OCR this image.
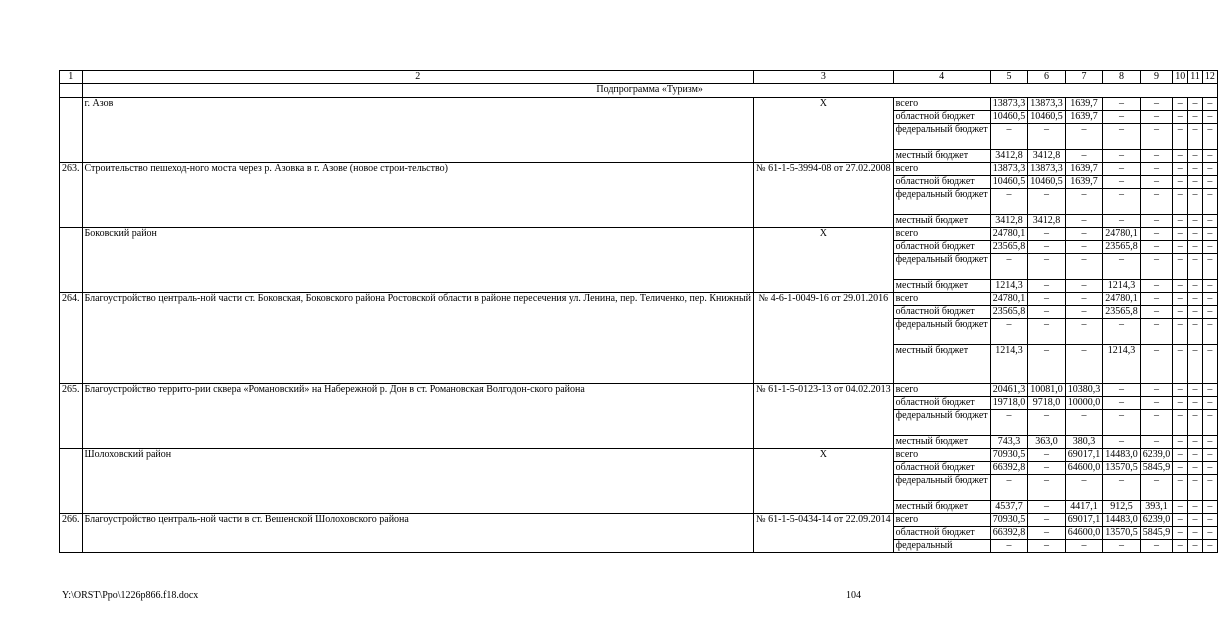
1	2	3	4	5	6	7	8	9	10	11	12
	Подпрограмма «Туризм»										
	г. Азов	Х	всего	13873,3	13873,3	1639,7	–	–	–	–	–
			областной бюджет	10460,5	10460,5	1639,7	–	–	–	–	–
			федеральный бюджет	–	–	–	–	–	–	–	–
			местный бюджет	3412,8	3412,8	–	–	–	–	–	–
263.	Строительство пешеход-ного моста через р. Азовка в г. Азове (новое строи-тельство)	№ 61-1-5-3994-08 от 27.02.2008	всего	13873,3	13873,3	1639,7	–	–	–	–	–
			областной бюджет	10460,5	10460,5	1639,7	–	–	–	–	–
			федеральный бюджет	–	–	–	–	–	–	–	–
			местный бюджет	3412,8	3412,8	–	–	–	–	–	–
	Боковский район	Х	всего	24780,1	–	–	24780,1	–	–	–	–
			областной бюджет	23565,8	–	–	23565,8	–	–	–	–
			федеральный бюджет	–	–	–	–	–	–	–	–
			местный бюджет	1214,3	–	–	1214,3	–	–	–	–
264.	Благоустройство централь-ной части ст. Боковская, Боковского района Ростовской области в районе пересечения ул. Ленина, пер. Теличенко, пер. Книжный	№ 4-6-1-0049-16 от 29.01.2016	всего	24780,1	–	–	24780,1	–	–	–	–
			областной бюджет	23565,8	–	–	23565,8	–	–	–	–
			федеральный бюджет	–	–	–	–	–	–	–	–
			местный бюджет	1214,3	–	–	1214,3	–	–	–	–
265.	Благоустройство террито-рии сквера «Романовский» на Набережной р. Дон в ст. Романовская Волгодон-ского района	№ 61-1-5-0123-13 от 04.02.2013	всего	20461,3	10081,0	10380,3	–	–	–	–	–
			областной бюджет	19718,0	9718,0	10000,0	–	–	–	–	–
			федеральный бюджет	–	–	–	–	–	–	–	–
			местный бюджет	743,3	363,0	380,3	–	–	–	–	–
	Шолоховский район	Х	всего	70930,5	–	69017,1	14483,0	6239,0	–	–	–
			областной бюджет	66392,8	–	64600,0	13570,5	5845,9	–	–	–
			федеральный бюджет	–	–	–	–	–	–	–	–
			местный бюджет	4537,7	–	4417,1	912,5	393,1	–	–	–
266.	Благоустройство централь-ной части в ст. Вешенской Шолоховского района	№ 61-1-5-0434-14 от 22.09.2014	всего	70930,5	–	69017,1	14483,0	6239,0	–	–	–
			областной бюджет	66392,8	–	64600,0	13570,5	5845,9	–	–	–
			федеральный	–	–	–	–	–	–	–	–
Y:\ORST\Ppo\1226p866.f18.docx	104
